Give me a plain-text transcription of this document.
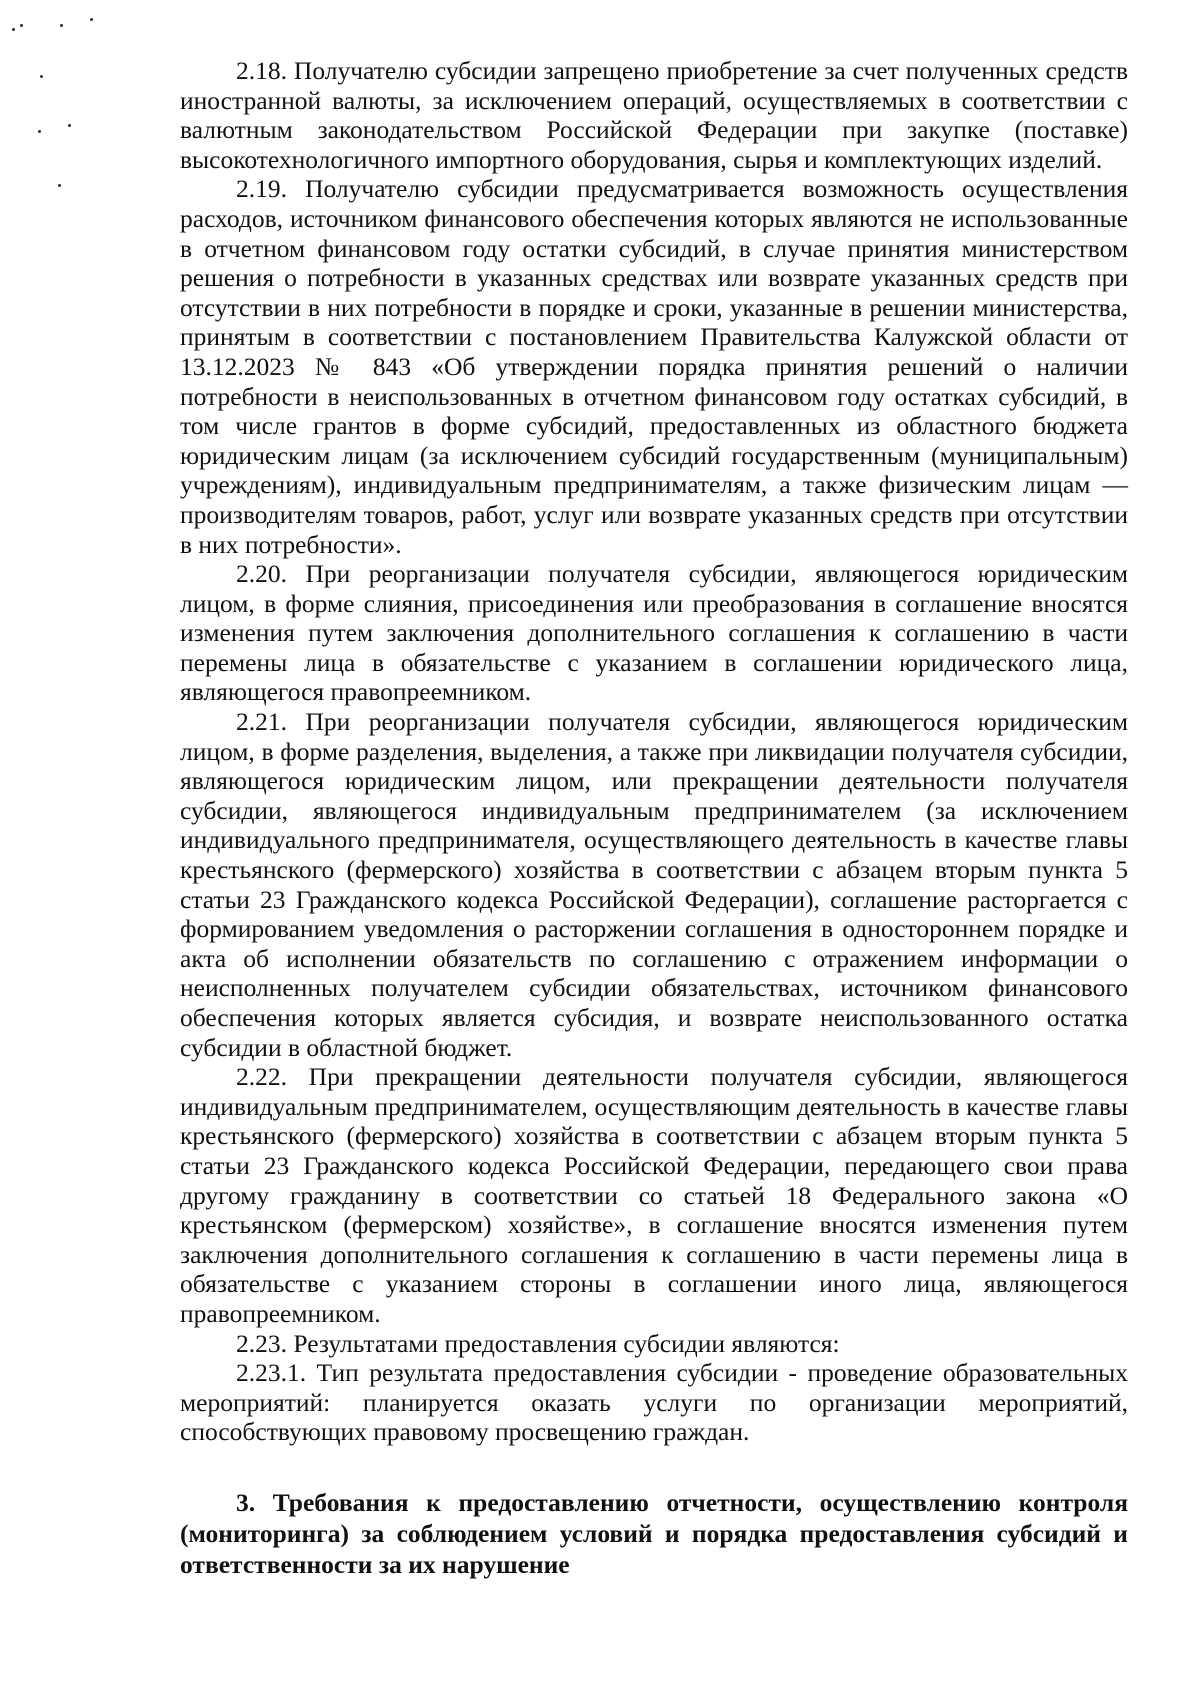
2.18. Получателю субсидии запрещено приобретение за счет полученных средств иностранной валюты, за исключением операций, осуществляемых в соответствии с валютным законодательством Российской Федерации при закупке (поставке) высокотехнологичного импортного оборудования, сырья и комплектующих изделий.

2.19. Получателю субсидии предусматривается возможность осуществления расходов, источником финансового обеспечения которых являются не использованные в отчетном финансовом году остатки субсидий, в случае принятия министерством решения о потребности в указанных средствах или возврате указанных средств при отсутствии в них потребности в порядке и сроки, указанные в решении министерства, принятым в соответствии с постановлением Правительства Калужской области от 13.12.2023 № 843 «Об утверждении порядка принятия решений о наличии потребности в неиспользованных в отчетном финансовом году остатках субсидий, в том числе грантов в форме субсидий, предоставленных из областного бюджета юридическим лицам (за исключением субсидий государственным (муниципальным) учреждениям), индивидуальным предпринимателям, а также физическим лицам — производителям товаров, работ, услуг или возврате указанных средств при отсутствии в них потребности».

2.20. При реорганизации получателя субсидии, являющегося юридическим лицом, в форме слияния, присоединения или преобразования в соглашение вносятся изменения путем заключения дополнительного соглашения к соглашению в части перемены лица в обязательстве с указанием в соглашении юридического лица, являющегося правопреемником.

2.21. При реорганизации получателя субсидии, являющегося юридическим лицом, в форме разделения, выделения, а также при ликвидации получателя субсидии, являющегося юридическим лицом, или прекращении деятельности получателя субсидии, являющегося индивидуальным предпринимателем (за исключением индивидуального предпринимателя, осуществляющего деятельность в качестве главы крестьянского (фермерского) хозяйства в соответствии с абзацем вторым пункта 5 статьи 23 Гражданского кодекса Российской Федерации), соглашение расторгается с формированием уведомления о расторжении соглашения в одностороннем порядке и акта об исполнении обязательств по соглашению с отражением информации о неисполненных получателем субсидии обязательствах, источником финансового обеспечения которых является субсидия, и возврате неиспользованного остатка субсидии в областной бюджет.

2.22. При прекращении деятельности получателя субсидии, являющегося индивидуальным предпринимателем, осуществляющим деятельность в качестве главы крестьянского (фермерского) хозяйства в соответствии с абзацем вторым пункта 5 статьи 23 Гражданского кодекса Российской Федерации, передающего свои права другому гражданину в соответствии со статьей 18 Федерального закона «О крестьянском (фермерском) хозяйстве», в соглашение вносятся изменения путем заключения дополнительного соглашения к соглашению в части перемены лица в обязательстве с указанием стороны в соглашении иного лица, являющегося правопреемником.

2.23. Результатами предоставления субсидии являются:

2.23.1. Тип результата предоставления субсидии - проведение образовательных мероприятий: планируется оказать услуги по организации мероприятий, способствующих правовому просвещению граждан.

3. Требования к предоставлению отчетности, осуществлению контроля (мониторинга) за соблюдением условий и порядка предоставления субсидий и ответственности за их нарушение
